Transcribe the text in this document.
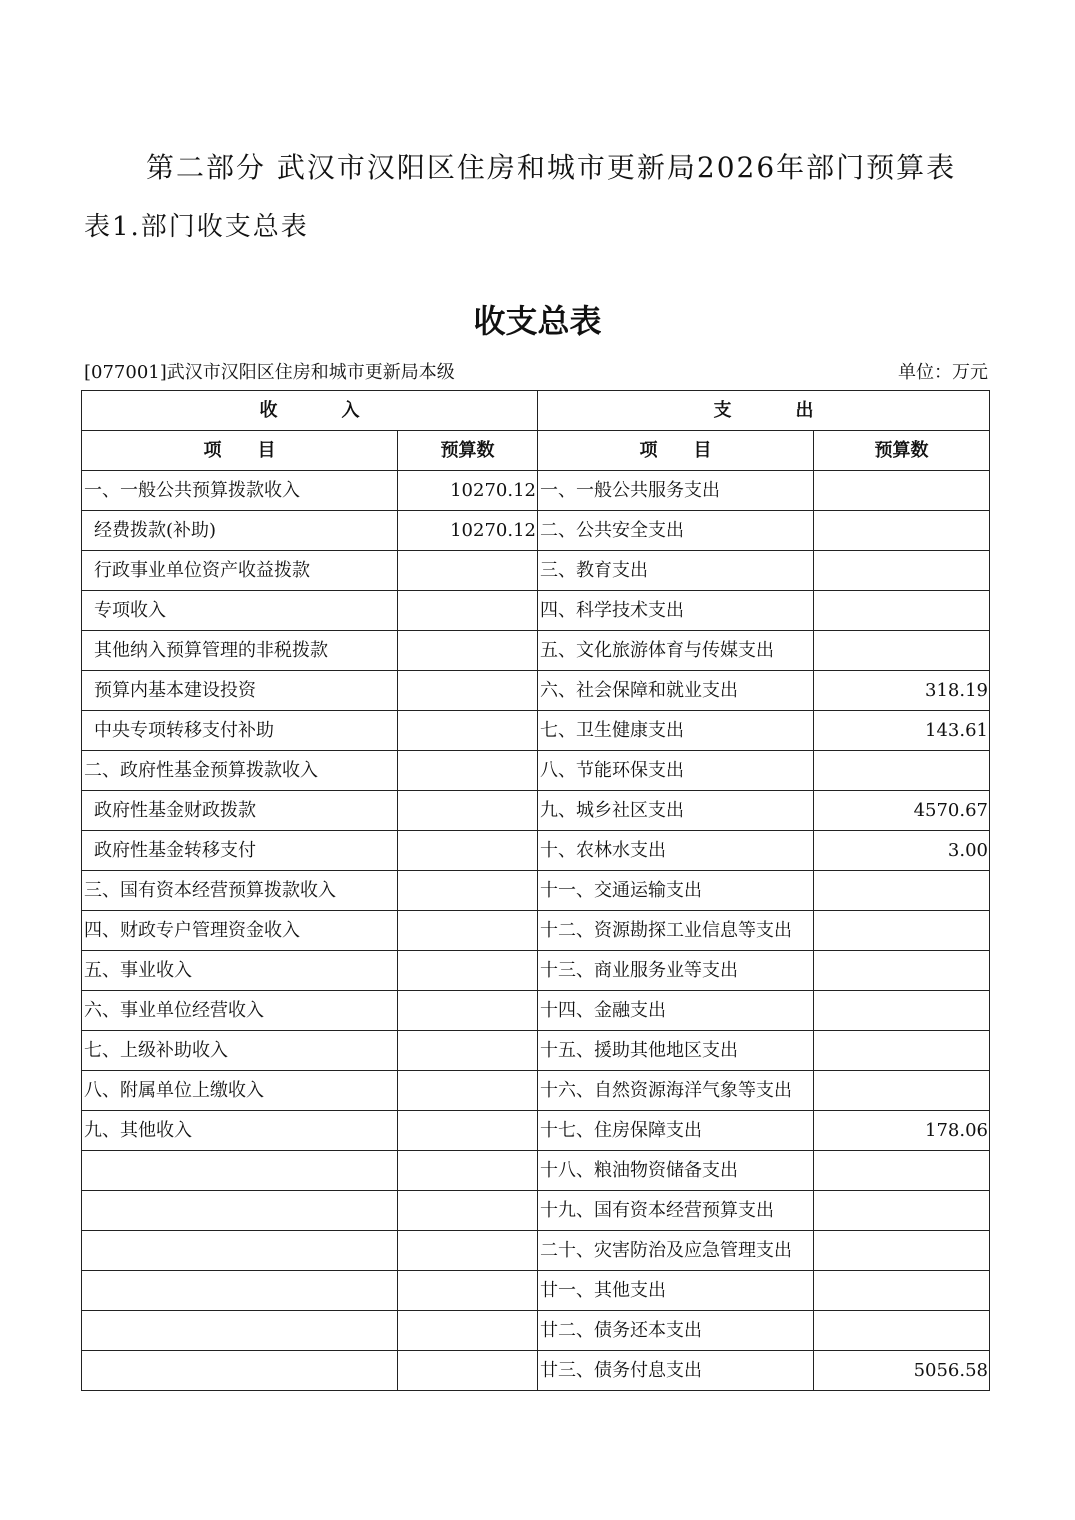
第二部分 武汉市汉阳区住房和城市更新局2026年部门预算表
表1.部门收支总表
收支总表
[077001]武汉市汉阳区住房和城市更新局本级	单位：万元
收 入		支 出	
项　　目	预算数	项　　目	预算数
一、一般公共预算拨款收入	10270.12	一、一般公共服务支出	
经费拨款(补助)	10270.12	二、公共安全支出	
行政事业单位资产收益拨款		三、教育支出	
专项收入		四、科学技术支出	
其他纳入预算管理的非税拨款		五、文化旅游体育与传媒支出	
预算内基本建设投资		六、社会保障和就业支出	318.19
中央专项转移支付补助		七、卫生健康支出	143.61
二、政府性基金预算拨款收入		八、节能环保支出	
政府性基金财政拨款		九、城乡社区支出	4570.67
政府性基金转移支付		十、农林水支出	3.00
三、国有资本经营预算拨款收入		十一、交通运输支出	
四、财政专户管理资金收入		十二、资源勘探工业信息等支出	
五、事业收入		十三、商业服务业等支出	
六、事业单位经营收入		十四、金融支出	
七、上级补助收入		十五、援助其他地区支出	
八、附属单位上缴收入		十六、自然资源海洋气象等支出	
九、其他收入		十七、住房保障支出	178.06
		十八、粮油物资储备支出	
		十九、国有资本经营预算支出	
		二十、灾害防治及应急管理支出	
		廿一、其他支出	
		廿二、债务还本支出	
		廿三、债务付息支出	5056.58
